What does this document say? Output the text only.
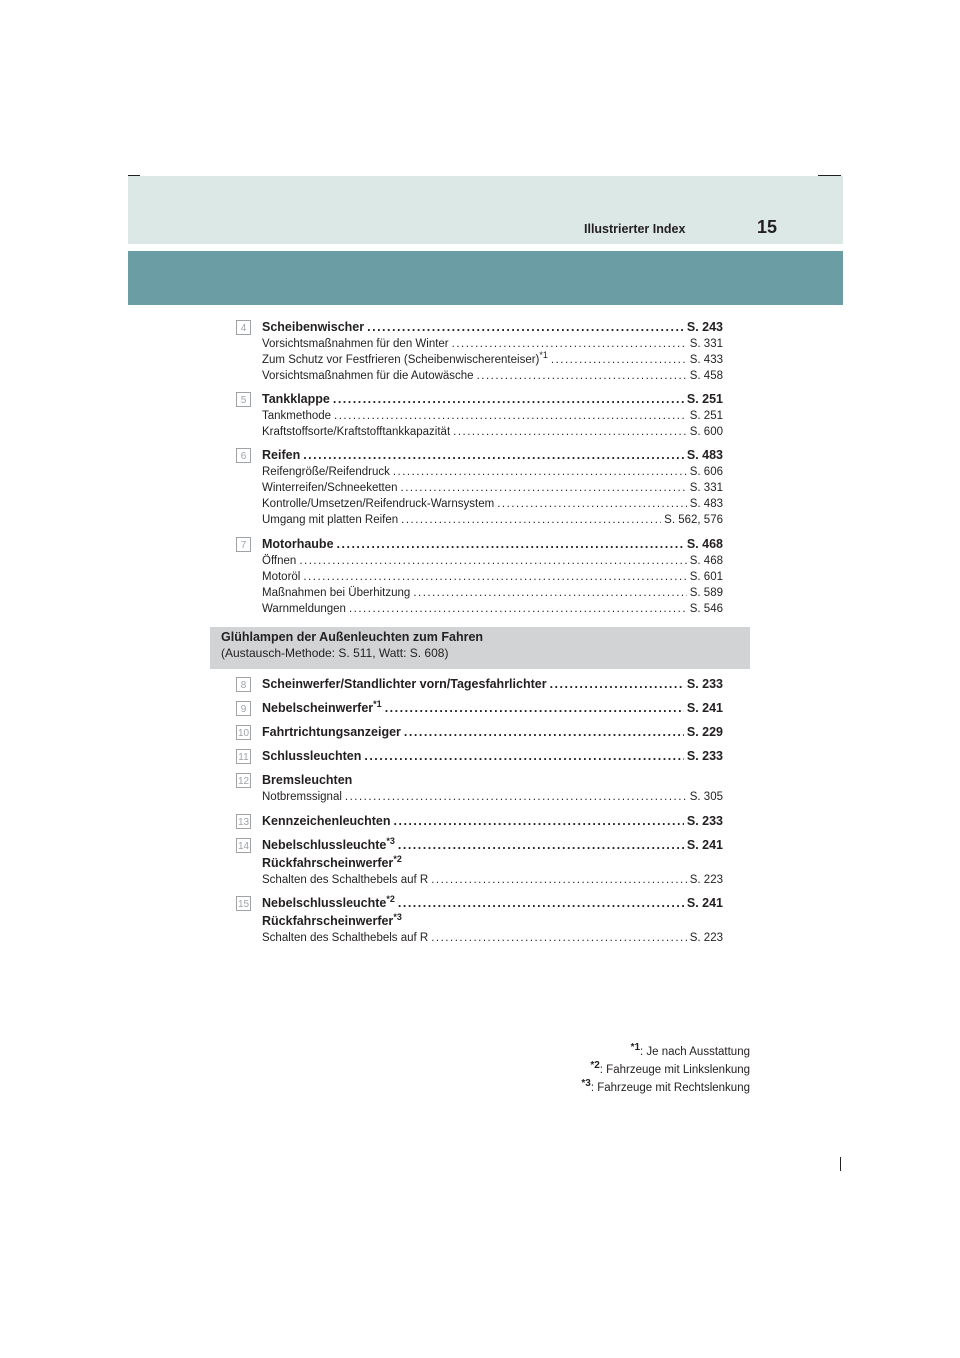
Illustrierter Index	15
4	Scheibenwischer .....	S. 243
Vorsichtsmaßnahmen für den Winter .....	S. 331
Zum Schutz vor Festfrieren (Scheibenwischerenteiser)$^{*1}$ .....	S. 433
Vorsichtsmaßnahmen für die Autowäsche .....	S. 458
5	Tankklappe .....	S. 251
Tankmethode .....	S. 251
Kraftstoffsorte/Kraftstofftankkapazität .....	S. 600
6	Reifen .....	S. 483
Reifengröße/Reifendruck .....	S. 606
Winterreifen/Schneeketten .....	S. 331
Kontrolle/Umsetzen/Reifendruck-Warnsystem .....	S. 483
Umgang mit platten Reifen .....	S. 562, 576
7	Motorhaube .....	S. 468
Öffnen .....	S. 468
Motoröl .....	S. 601
Maßnahmen bei Überhitzung .....	S. 589
Warnmeldungen .....	S. 546
Glühlampen der Außenleuchten zum Fahren
(Austausch-Methode: S. 511, Watt: S. 608)
8	Scheinwerfer/Standlichter vorn/Tagesfahrlichter .....	S. 233
9	Nebelscheinwerfer$^{*1}$ .....	S. 241
10 Fahrtrichtungsanzeiger .....	S. 229
11 Schlussleuchten .....	S. 233
12 Bremsleuchten
Notbremssignal .....	S. 305
13 Kennzeichenleuchten .....	S. 233
14 Nebelschlussleuchte$^{*3}$ .....	S. 241
Rückfahrscheinwerfer$^{*2}$
Schalten des Schalthebels auf R .....	S. 223
15 Nebelschlussleuchte$^{*2}$ .....	S. 241
Rückfahrscheinwerfer$^{*3}$
Schalten des Schalthebels auf R .....	S. 223
$^{*1}$: Je nach Ausstattung
$^{*2}$: Fahrzeuge mit Linkslenkung
$^{*3}$: Fahrzeuge mit Rechtslenkung
